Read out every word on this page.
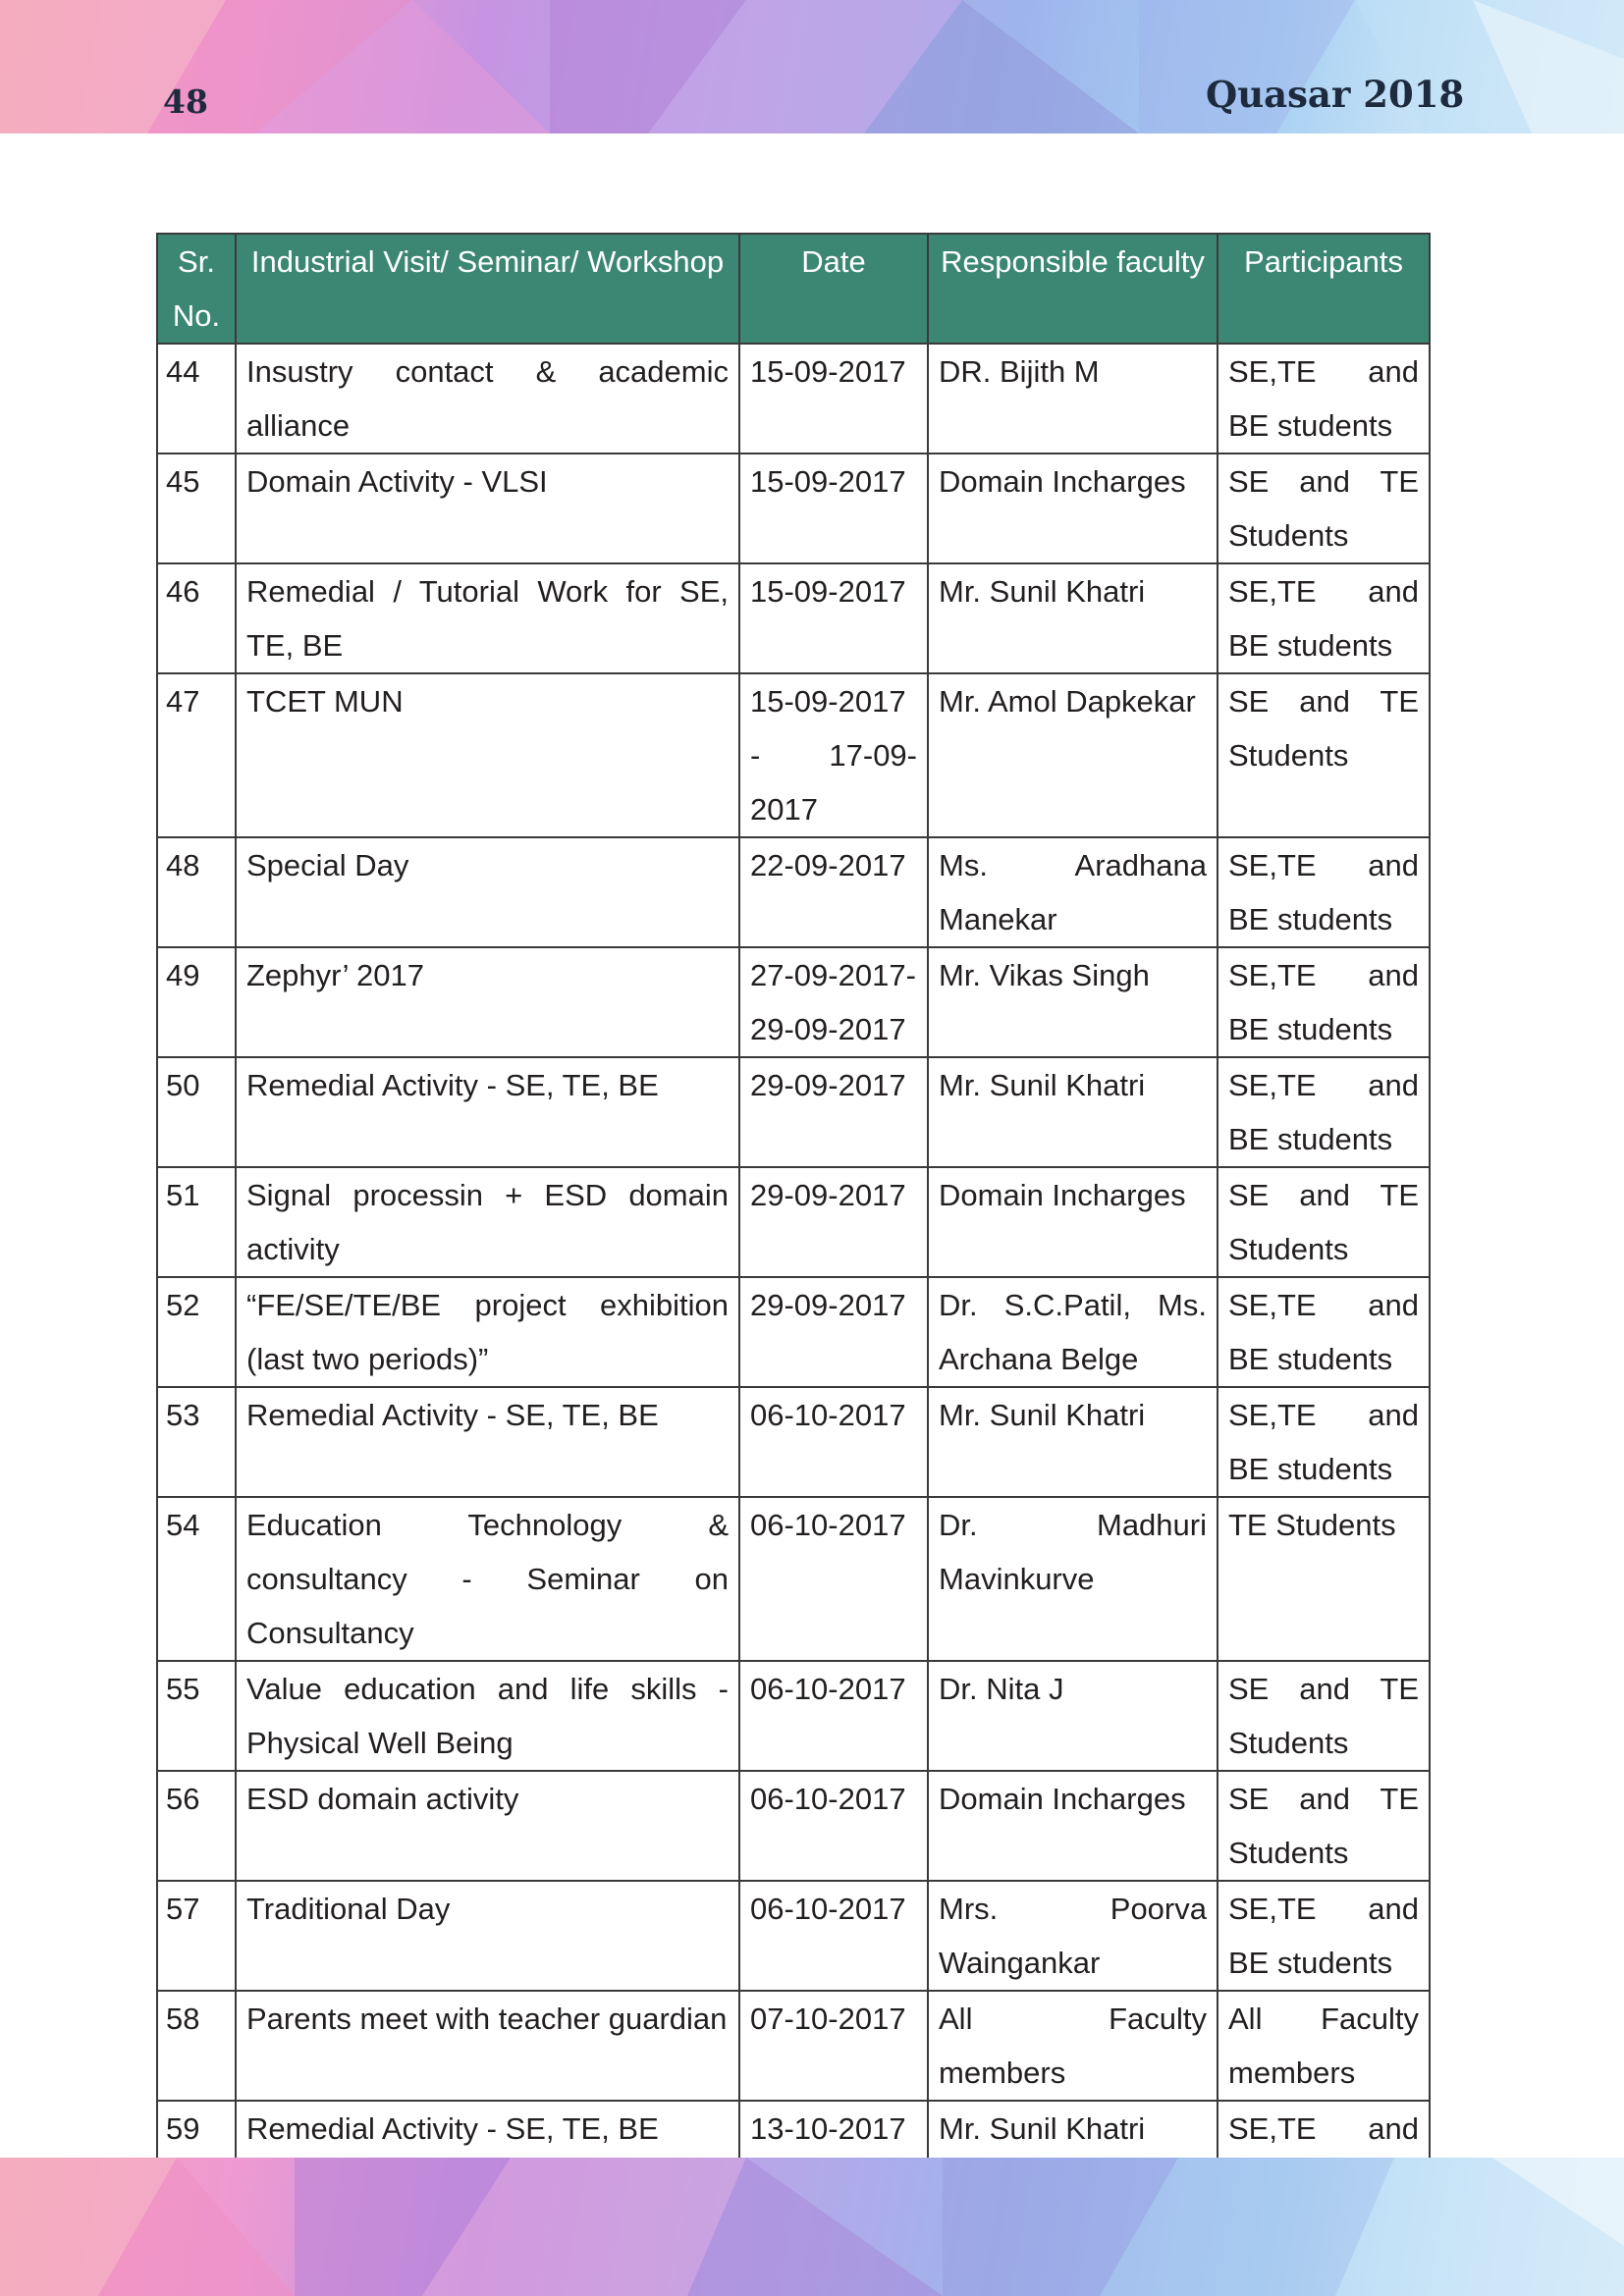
48	Quasar 2018
Sr. No.	Industrial Visit/ Seminar/ Workshop	Date	Responsible faculty	Participants
44	Insustry contact & academic alliance	15-09-2017	DR. Bijith M	SE,TE and BE students
45	Domain Activity - VLSI	15-09-2017	Domain Incharges	SE and TE Students
46	Remedial / Tutorial Work for SE, TE, BE	15-09-2017	Mr. Sunil Khatri	SE,TE and BE students
47	TCET MUN	15-09-2017 - 17-09-2017	Mr. Amol Dapkekar	SE and TE Students
48	Special Day	22-09-2017	Ms. Aradhana Manekar	SE,TE and BE students
49	Zephyr’ 2017	27-09-2017-29-09-2017	Mr. Vikas Singh	SE,TE and BE students
50	Remedial Activity - SE, TE, BE	29-09-2017	Mr. Sunil Khatri	SE,TE and BE students
51	Signal processin + ESD domain activity	29-09-2017	Domain Incharges	SE and TE Students
52	“FE/SE/TE/BE project exhibition (last two periods)”	29-09-2017	Dr. S.C.Patil, Ms. Archana Belge	SE,TE and BE students
53	Remedial Activity - SE, TE, BE	06-10-2017	Mr. Sunil Khatri	SE,TE and BE students
54	Education Technology & consultancy - Seminar on Consultancy	06-10-2017	Dr. Madhuri Mavinkurve	TE Students
55	Value education and life skills -Physical Well Being	06-10-2017	Dr. Nita J	SE and TE Students
56	ESD domain activity	06-10-2017	Domain Incharges	SE and TE Students
57	Traditional Day	06-10-2017	Mrs. Poorva Waingankar	SE,TE and BE students
58	Parents meet with teacher guardian	07-10-2017	All Faculty members	All Faculty members
59	Remedial Activity - SE, TE, BE	13-10-2017	Mr. Sunil Khatri	SE,TE and
